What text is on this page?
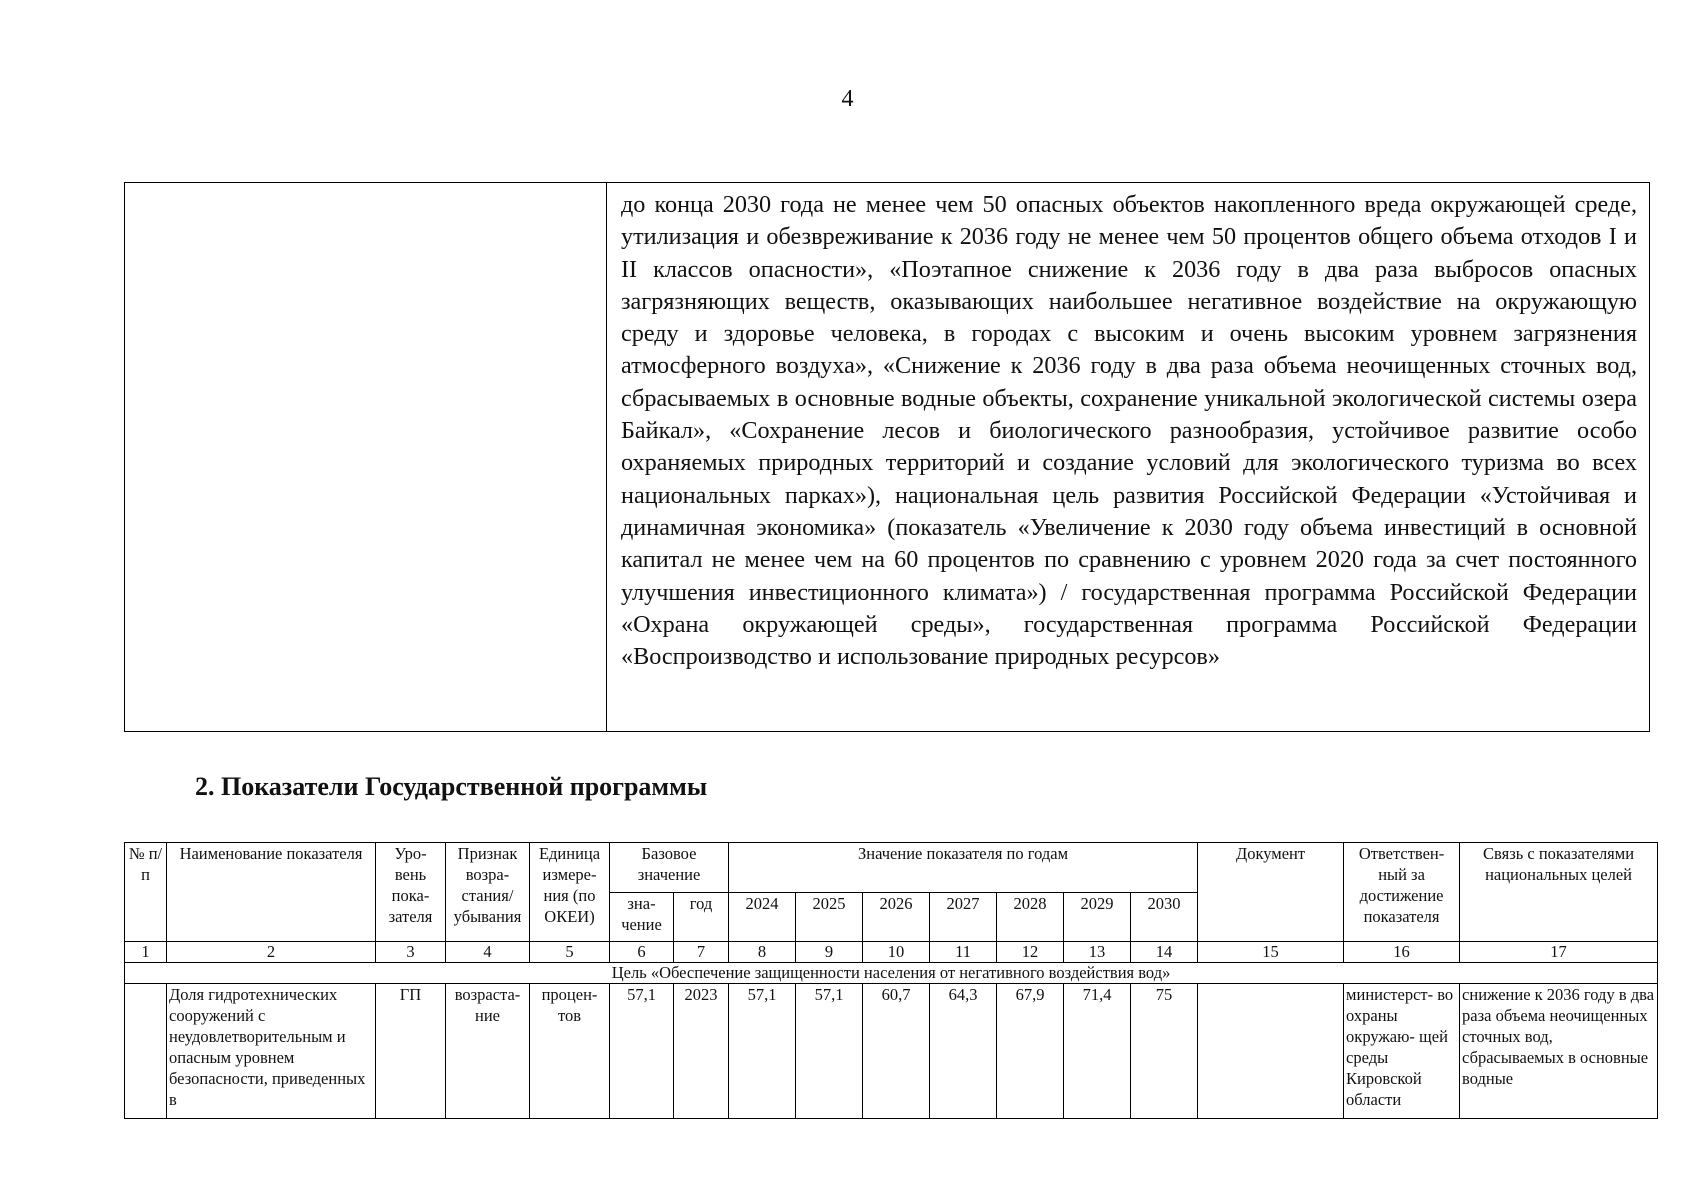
4
до конца 2030 года не менее чем 50 опасных объектов накопленного вреда окружающей среде, утилизация и обезвреживание к 2036 году не менее чем 50 процентов общего объема отходов I и II классов опасности», «Поэтапное снижение к 2036 году в два раза выбросов опасных загрязняющих веществ, оказывающих наибольшее негативное воздействие на окружающую среду и здоровье человека, в городах с высоким и очень высоким уровнем загрязнения атмосферного воздуха», «Снижение к 2036 году в два раза объема неочищенных сточных вод, сбрасываемых в основные водные объекты, сохранение уникальной экологической системы озера Байкал», «Сохранение лесов и биологического разнообразия, устойчивое развитие особо охраняемых природных территорий и создание условий для экологического туризма во всех национальных парках»), национальная цель развития Российской Федерации «Устойчивая и динамичная экономика» (показатель «Увеличение к 2030 году объема инвестиций в основной капитал не менее чем на 60 процентов по сравнению с уровнем 2020 года за счет постоянного улучшения инвестиционного климата») / государственная программа Российской Федерации «Охрана окружающей среды», государственная программа Российской Федерации «Воспроизводство и использование природных ресурсов»
2. Показатели Государственной программы
№ п/п	Наименование показателя	Уро- вень пока- зателя	Признак возра- стания/ убывания	Единица измере- ния (по ОКЕИ)	Базовое значение		Значение показателя по годам							Документ	Ответствен- ный за достижение показателя	Связь с показателями национальных целей
					зна- чение	год	2024	2025	2026	2027	2028	2029	2030			
1	2	3	4	5	6	7	8	9	10	11	12	13	14	15	16	17
Цель «Обеспечение защищенности населения от негативного воздействия вод»																
	Доля гидротехнических сооружений с неудовлетворительным и опасным уровнем безопасности, приведенных в	ГП	возраста- ние	процен- тов	57,1	2023	57,1	57,1	60,7	64,3	67,9	71,4	75		министерст- во охраны окружаю- щей среды Кировской области	снижение к 2036 году в два раза объема неочищенных сточных вод, сбрасываемых в основные водные
